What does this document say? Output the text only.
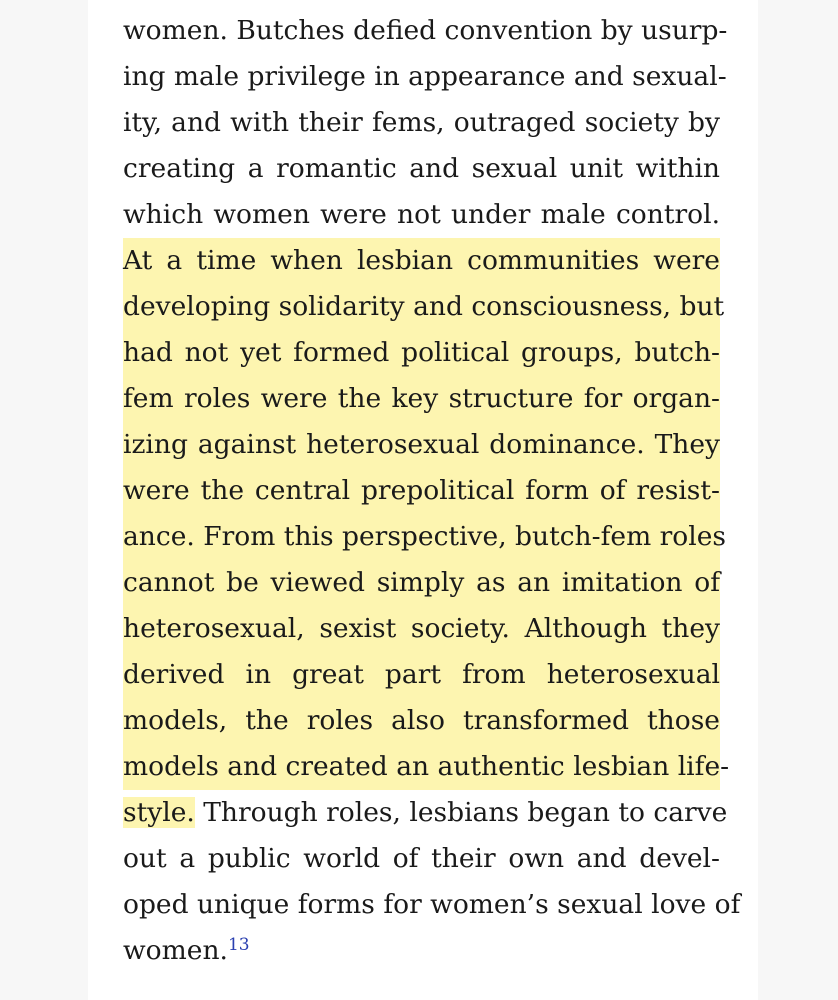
women. Butches defied convention by usurp-
ing male privilege in appearance and sexual-
ity, and with their fems, outraged society by
creating a romantic and sexual unit within
which women were not under male control.
At a time when lesbian communities were
developing solidarity and consciousness, but
had not yet formed political groups, butch-
fem roles were the key structure for organ-
izing against heterosexual dominance. They
were the central prepolitical form of resist-
ance. From this perspective, butch-fem roles
cannot be viewed simply as an imitation of
heterosexual, sexist society. Although they
derived in great part from heterosexual
models, the roles also transformed those
models and created an authentic lesbian life-
style. Through roles, lesbians began to carve
out a public world of their own and devel-
oped unique forms for women’s sexual love of
women.$^{13}$
